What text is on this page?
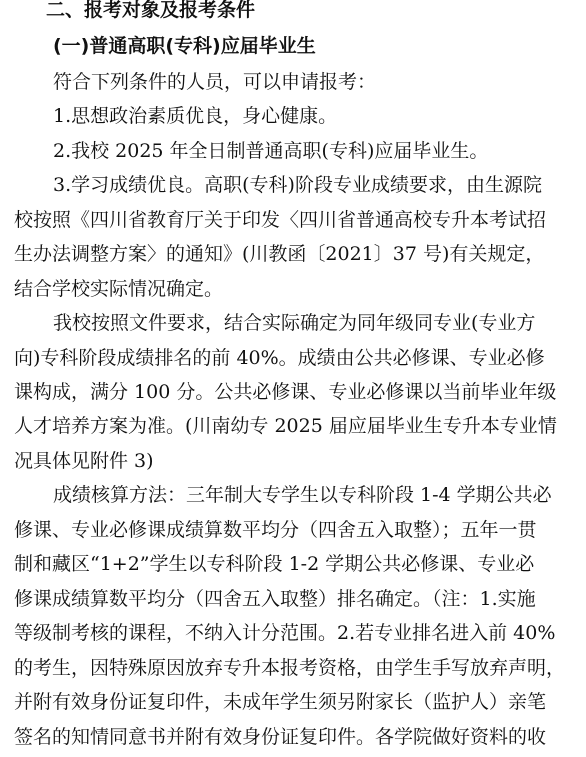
二、报考对象及报考条件
(一)普通高职(专科)应届毕业生
符合下列条件的人员，可以申请报考：
1.思想政治素质优良，身心健康。
2.我校 2025 年全日制普通高职(专科)应届毕业生。
3.学习成绩优良。高职(专科)阶段专业成绩要求，由生源院
校按照《四川省教育厅关于印发〈四川省普通高校专升本考试招
生办法调整方案〉的通知》(川教函〔2021〕37 号)有关规定，
结合学校实际情况确定。
我校按照文件要求，结合实际确定为同年级同专业(专业方
向)专科阶段成绩排名的前 40%。成绩由公共必修课、专业必修
课构成，满分 100 分。公共必修课、专业必修课以当前毕业年级
人才培养方案为准。(川南幼专 2025 届应届毕业生专升本专业情
况具体见附件 3)
成绩核算方法：三年制大专学生以专科阶段 1-4 学期公共必
修课、专业必修课成绩算数平均分（四舍五入取整）；五年一贯
制和藏区“1+2”学生以专科阶段 1-2 学期公共必修课、专业必
修课成绩算数平均分（四舍五入取整）排名确定。（注：1.实施
等级制考核的课程，不纳入计分范围。2.若专业排名进入前 40%
的考生，因特殊原因放弃专升本报考资格，由学生手写放弃声明，
并附有效身份证复印件，未成年学生须另附家长（监护人）亲笔
签名的知情同意书并附有效身份证复印件。各学院做好资料的收
